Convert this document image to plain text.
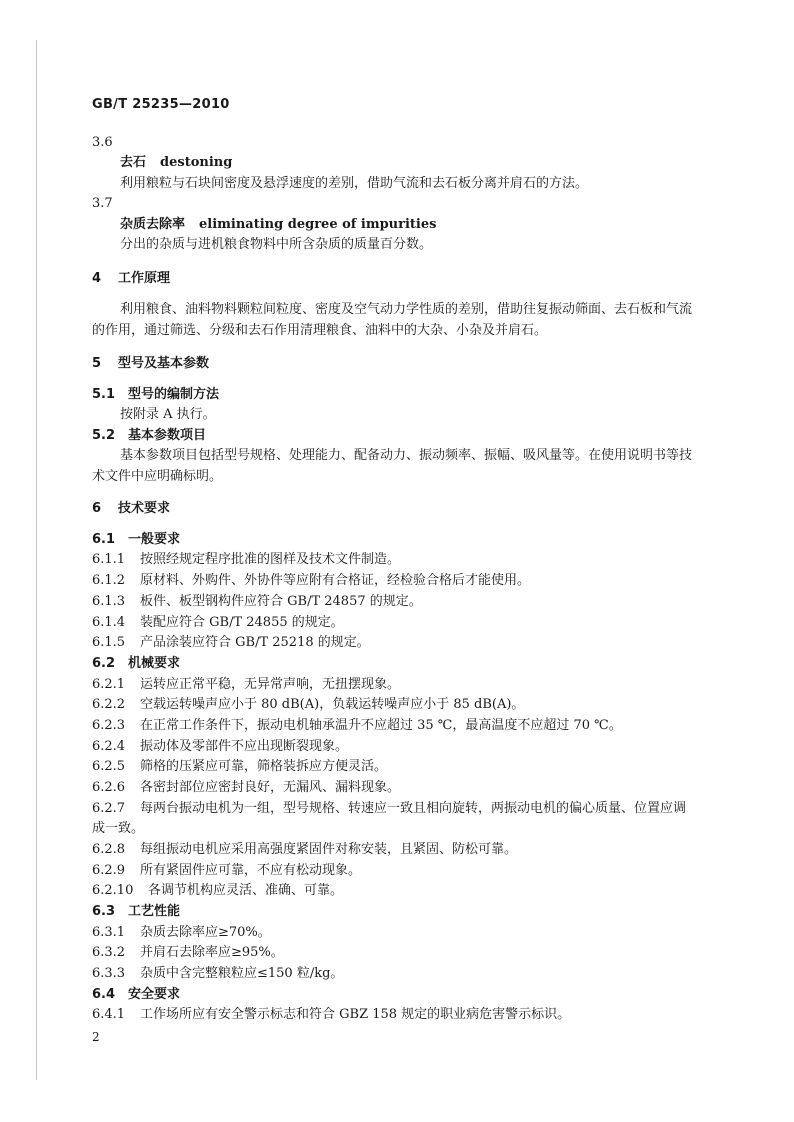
GB/T 25235—2010
3.6
去石 destoning
利用粮粒与石块间密度及悬浮速度的差别，借助气流和去石板分离并肩石的方法。
3.7
杂质去除率 eliminating degree of impurities
分出的杂质与进机粮食物料中所含杂质的质量百分数。
4 工作原理
利用粮食、油料物料颗粒间粒度、密度及空气动力学性质的差别，借助往复振动筛面、去石板和气流
的作用，通过筛选、分级和去石作用清理粮食、油料中的大杂、小杂及并肩石。
5 型号及基本参数
5.1 型号的编制方法
按附录 A 执行。
5.2 基本参数项目
基本参数项目包括型号规格、处理能力、配备动力、振动频率、振幅、吸风量等。在使用说明书等技
术文件中应明确标明。
6 技术要求
6.1 一般要求
6.1.1 按照经规定程序批准的图样及技术文件制造。
6.1.2 原材料、外购件、外协件等应附有合格证，经检验合格后才能使用。
6.1.3 板件、板型钢构件应符合 GB/T 24857 的规定。
6.1.4 装配应符合 GB/T 24855 的规定。
6.1.5 产品涂装应符合 GB/T 25218 的规定。
6.2 机械要求
6.2.1 运转应正常平稳，无异常声响，无扭摆现象。
6.2.2 空载运转噪声应小于 80 dB(A)，负载运转噪声应小于 85 dB(A)。
6.2.3 在正常工作条件下，振动电机轴承温升不应超过 35 ℃，最高温度不应超过 70 ℃。
6.2.4 振动体及零部件不应出现断裂现象。
6.2.5 筛格的压紧应可靠，筛格装拆应方便灵活。
6.2.6 各密封部位应密封良好，无漏风、漏料现象。
6.2.7 每两台振动电机为一组，型号规格、转速应一致且相向旋转，两振动电机的偏心质量、位置应调
成一致。
6.2.8 每组振动电机应采用高强度紧固件对称安装，且紧固、防松可靠。
6.2.9 所有紧固件应可靠，不应有松动现象。
6.2.10 各调节机构应灵活、准确、可靠。
6.3 工艺性能
6.3.1 杂质去除率应≥70%。
6.3.2 并肩石去除率应≥95%。
6.3.3 杂质中含完整粮粒应≤150 粒/kg。
6.4 安全要求
6.4.1 工作场所应有安全警示标志和符合 GBZ 158 规定的职业病危害警示标识。
2
